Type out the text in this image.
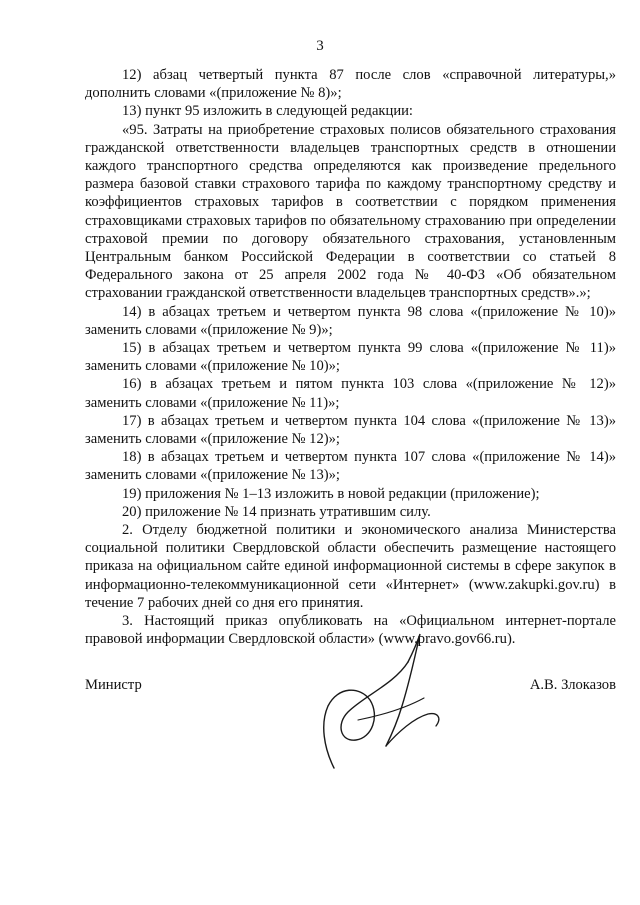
3

12) абзац четвертый пункта 87 после слов «справочной литературы,» дополнить словами «(приложение № 8)»;

13) пункт 95 изложить в следующей редакции:

«95. Затраты на приобретение страховых полисов обязательного страхования гражданской ответственности владельцев транспортных средств в отношении каждого транспортного средства определяются как произведение предельного размера базовой ставки страхового тарифа по каждому транспортному средству и коэффициентов страховых тарифов в соответствии с порядком применения страховщиками страховых тарифов по обязательному страхованию при определении страховой премии по договору обязательного страхования, установленным Центральным банком Российской Федерации в соответствии со статьей 8 Федерального закона от 25 апреля 2002 года № 40-ФЗ «Об обязательном страховании гражданской ответственности владельцев транспортных средств».»;

14) в абзацах третьем и четвертом пункта 98 слова «(приложение № 10)» заменить словами «(приложение № 9)»;

15) в абзацах третьем и четвертом пункта 99 слова «(приложение № 11)» заменить словами «(приложение № 10)»;

16) в абзацах третьем и пятом пункта 103 слова «(приложение № 12)» заменить словами «(приложение № 11)»;

17) в абзацах третьем и четвертом пункта 104 слова «(приложение № 13)» заменить словами «(приложение № 12)»;

18) в абзацах третьем и четвертом пункта 107 слова «(приложение № 14)» заменить словами «(приложение № 13)»;

19) приложения № 1–13 изложить в новой редакции (приложение);

20) приложение № 14 признать утратившим силу.

2. Отделу бюджетной политики и экономического анализа Министерства социальной политики Свердловской области обеспечить размещение настоящего приказа на официальном сайте единой информационной системы в сфере закупок в информационно-телекоммуникационной сети «Интернет» (www.zakupki.gov.ru) в течение 7 рабочих дней со дня его принятия.

3. Настоящий приказ опубликовать на «Официальном интернет-портале правовой информации Свердловской области» (www.pravo.gov66.ru).

Министр	А.В. Злоказов
